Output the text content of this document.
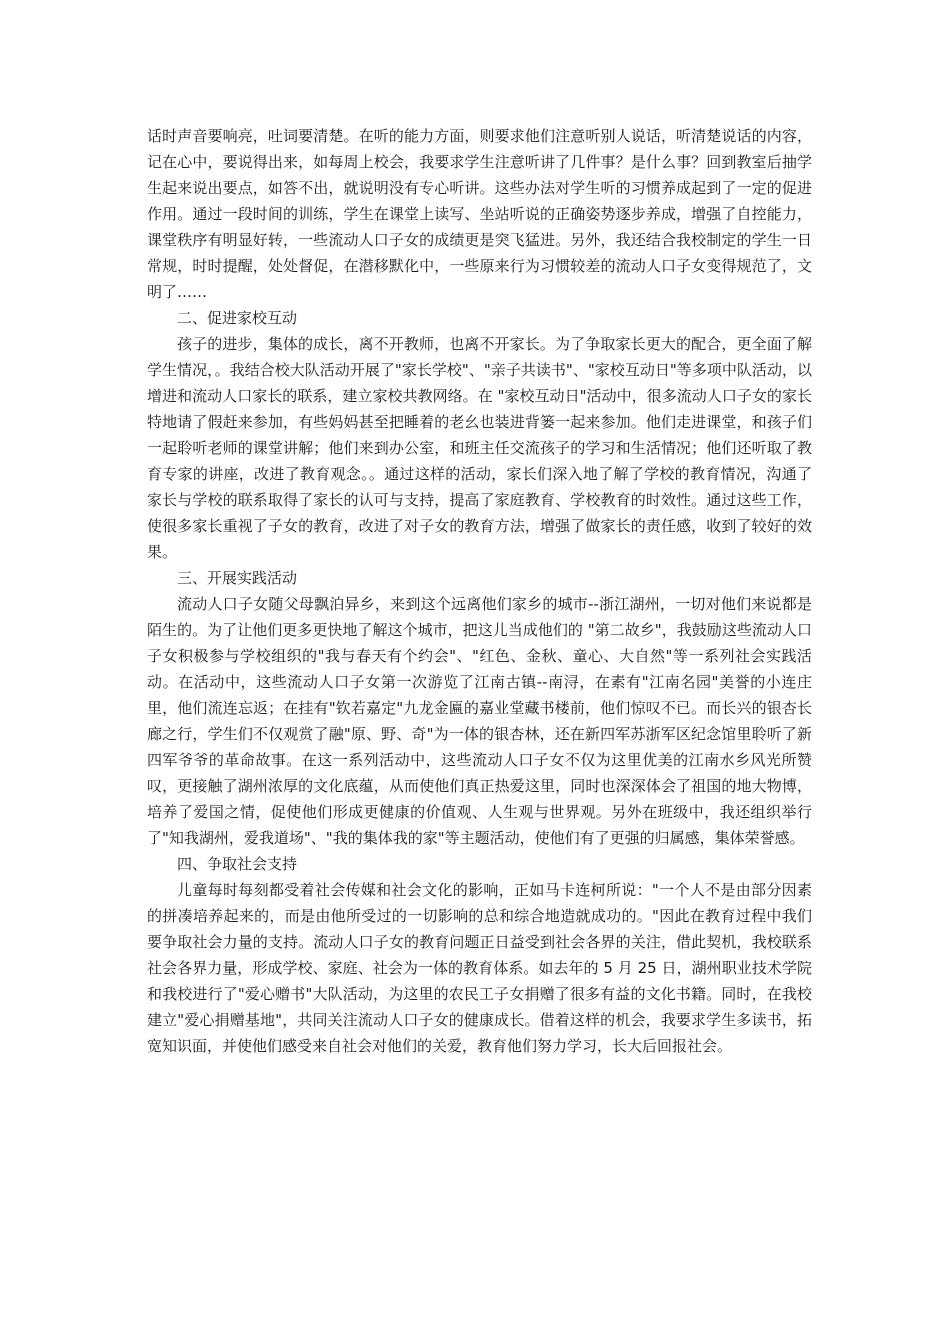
话时声音要响亮，吐词要清楚。在听的能力方面，则要求他们注意听别人说话，听清楚说话的内容，记在心中，要说得出来，如每周上校会，我要求学生注意听讲了几件事？是什么事？回到教室后抽学生起来说出要点，如答不出，就说明没有专心听讲。这些办法对学生听的习惯养成起到了一定的促进作用。通过一段时间的训练，学生在课堂上读写、坐站听说的正确姿势逐步养成，增强了自控能力，课堂秩序有明显好转，一些流动人口子女的成绩更是突飞猛进。另外，我还结合我校制定的学生一日常规，时时提醒，处处督促，在潜移默化中，一些原来行为习惯较差的流动人口子女变得规范了，文明了……

二、促进家校互动

孩子的进步，集体的成长，离不开教师，也离不开家长。为了争取家长更大的配合，更全面了解学生情况，。我结合校大队活动开展了"家长学校"、"亲子共读书"、"家校互动日"等多项中队活动，以增进和流动人口家长的联系，建立家校共教网络。在 "家校互动日"活动中，很多流动人口子女的家长特地请了假赶来参加，有些妈妈甚至把睡着的老幺也装进背篓一起来参加。他们走进课堂，和孩子们一起聆听老师的课堂讲解；他们来到办公室，和班主任交流孩子的学习和生活情况；他们还听取了教育专家的讲座，改进了教育观念。。通过这样的活动，家长们深入地了解了学校的教育情况，沟通了家长与学校的联系取得了家长的认可与支持，提高了家庭教育、学校教育的时效性。通过这些工作，使很多家长重视了子女的教育，改进了对子女的教育方法，增强了做家长的责任感，收到了较好的效果。

三、开展实践活动

流动人口子女随父母飘泊异乡，来到这个远离他们家乡的城市--浙江湖州，一切对他们来说都是陌生的。为了让他们更多更快地了解这个城市，把这儿当成他们的 "第二故乡"，我鼓励这些流动人口子女积极参与学校组织的"我与春天有个约会"、"红色、金秋、童心、大自然"等一系列社会实践活动。在活动中，这些流动人口子女第一次游览了江南古镇--南浔，在素有"江南名园"美誉的小连庄里，他们流连忘返；在挂有"钦若嘉定"九龙金匾的嘉业堂藏书楼前，他们惊叹不已。而长兴的银杏长廊之行，学生们不仅观赏了融"原、野、奇"为一体的银杏林，还在新四军苏浙军区纪念馆里聆听了新四军爷爷的革命故事。在这一系列活动中，这些流动人口子女不仅为这里优美的江南水乡风光所赞叹，更接触了湖州浓厚的文化底蕴，从而使他们真正热爱这里，同时也深深体会了祖国的地大物博，培养了爱国之情，促使他们形成更健康的价值观、人生观与世界观。另外在班级中，我还组织举行了"知我湖州，爱我道场"、"我的集体我的家"等主题活动，使他们有了更强的归属感，集体荣誉感。

四、争取社会支持

儿童每时每刻都受着社会传媒和社会文化的影响，正如马卡连柯所说："一个人不是由部分因素的拼凑培养起来的，而是由他所受过的一切影响的总和综合地造就成功的。"因此在教育过程中我们要争取社会力量的支持。流动人口子女的教育问题正日益受到社会各界的关注，借此契机，我校联系社会各界力量，形成学校、家庭、社会为一体的教育体系。如去年的 5 月 25 日，湖州职业技术学院和我校进行了"爱心赠书"大队活动，为这里的农民工子女捐赠了很多有益的文化书籍。同时，在我校建立"爱心捐赠基地"，共同关注流动人口子女的健康成长。借着这样的机会，我要求学生多读书，拓宽知识面，并使他们感受来自社会对他们的关爱，教育他们努力学习，长大后回报社会。
